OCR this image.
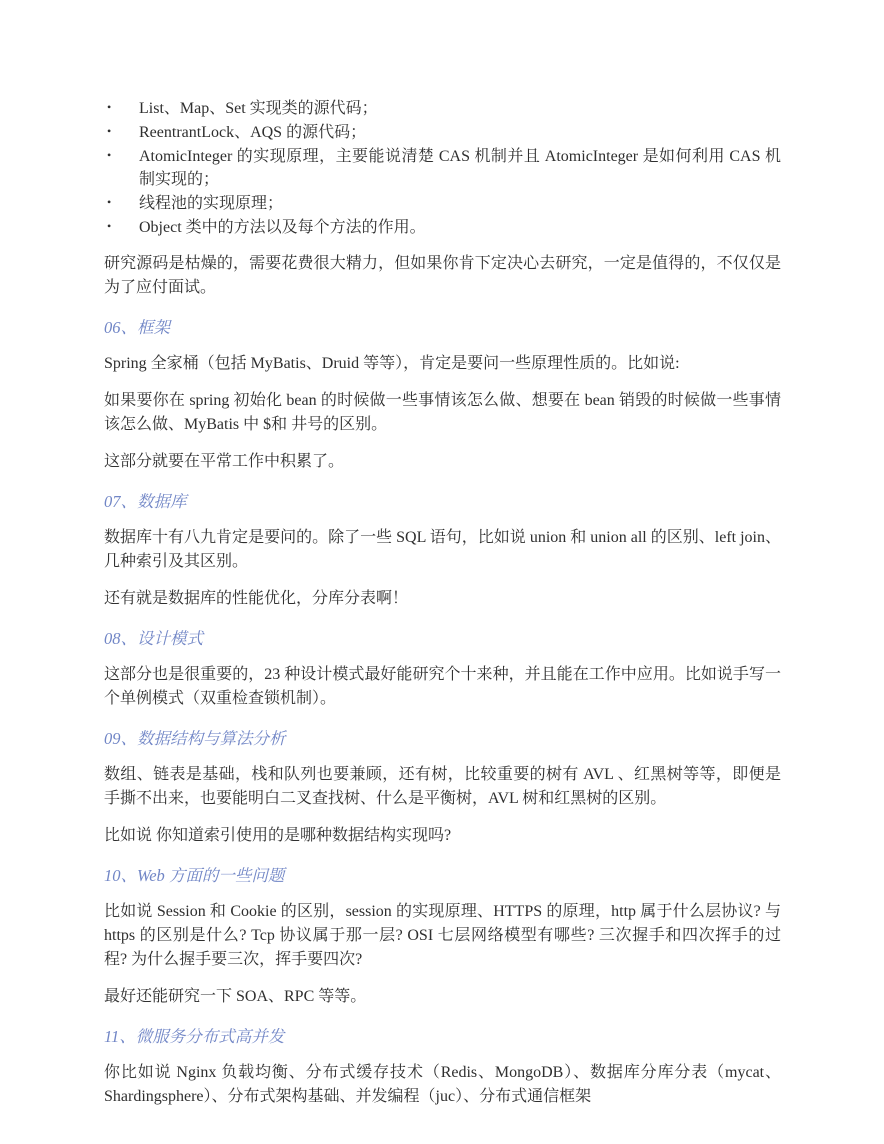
• List、Map、Set 实现类的源代码；
• ReentrantLock、AQS 的源代码；
• AtomicInteger 的实现原理，主要能说清楚 CAS 机制并且 AtomicInteger 是如何利用 CAS 机制实现的；
• 线程池的实现原理；
• Object 类中的方法以及每个方法的作用。

研究源码是枯燥的，需要花费很大精力，但如果你肯下定决心去研究，一定是值得的，不仅仅是为了应付面试。

06、框架

Spring 全家桶（包括 MyBatis、Druid 等等），肯定是要问一些原理性质的。比如说:

如果要你在 spring 初始化 bean 的时候做一些事情该怎么做、想要在 bean 销毁的时候做一些事情该怎么做、MyBatis 中 $和 井号的区别。

这部分就要在平常工作中积累了。

07、数据库

数据库十有八九肯定是要问的。除了一些 SQL 语句，比如说 union 和 union all 的区别、left join、几种索引及其区别。

还有就是数据库的性能优化，分库分表啊！

08、设计模式

这部分也是很重要的，23 种设计模式最好能研究个十来种，并且能在工作中应用。比如说手写一个单例模式（双重检查锁机制）。

09、数据结构与算法分析

数组、链表是基础，栈和队列也要兼顾，还有树，比较重要的树有 AVL 、红黑树等等，即便是手撕不出来，也要能明白二叉查找树、什么是平衡树，AVL 树和红黑树的区别。

比如说 你知道索引使用的是哪种数据结构实现吗?

10、Web 方面的一些问题

比如说 Session 和 Cookie 的区别，session 的实现原理、HTTPS 的原理，http 属于什么层协议? 与 https 的区别是什么? Tcp 协议属于那一层? OSI 七层网络模型有哪些? 三次握手和四次挥手的过程? 为什么握手要三次，挥手要四次?

最好还能研究一下 SOA、RPC 等等。

11、微服务分布式高并发

你比如说 Nginx 负载均衡、分布式缓存技术（Redis、MongoDB）、数据库分库分表（mycat、Shardingsphere）、分布式架构基础、并发编程（juc）、分布式通信框架
